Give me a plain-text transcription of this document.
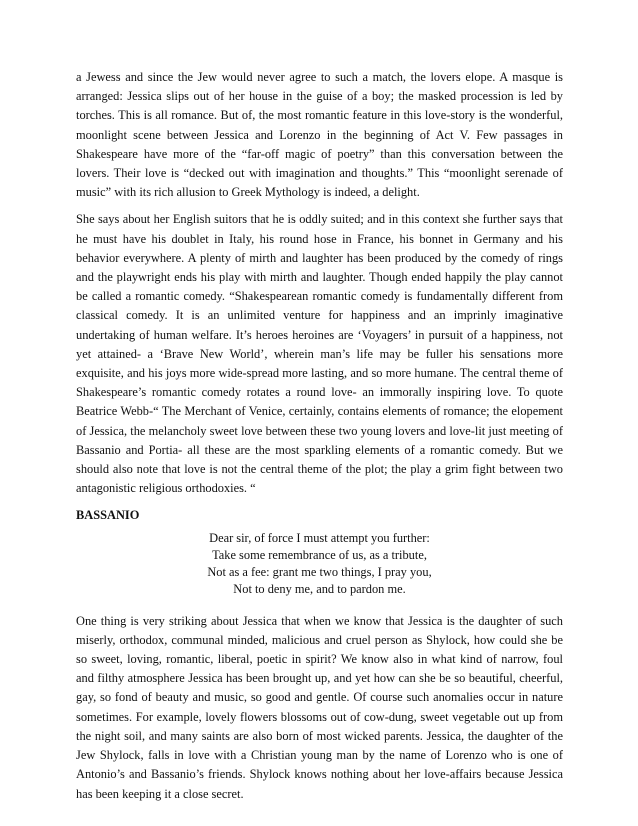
a Jewess and since the Jew would never agree to such a match, the lovers elope. A masque is arranged: Jessica slips out of her house in the guise of a boy; the masked procession is led by torches. This is all romance. But of, the most romantic feature in this love-story is the wonderful, moonlight scene between Jessica and Lorenzo in the beginning of Act V. Few passages in Shakespeare have more of the “far-off magic of poetry” than this conversation between the lovers. Their love is “decked out with imagination and thoughts.” This “moonlight serenade of music” with its rich allusion to Greek Mythology is indeed, a delight.

She says about her English suitors that he is oddly suited; and in this context she further says that he must have his doublet in Italy, his round hose in France, his bonnet in Germany and his behavior everywhere. A plenty of mirth and laughter has been produced by the comedy of rings and the playwright ends his play with mirth and laughter. Though ended happily the play cannot be called a romantic comedy. “Shakespearean romantic comedy is fundamentally different from classical comedy. It is an unlimited venture for happiness and an imprinly imaginative undertaking of human welfare. It’s heroes heroines are ‘Voyagers’ in pursuit of a happiness, not yet attained- a ‘Brave New World’, wherein man’s life may be fuller his sensations more exquisite, and his joys more wide-spread more lasting, and so more humane. The central theme of Shakespeare’s romantic comedy rotates a round love- an immorally inspiring love. To quote Beatrice Webb-“ The Merchant of Venice, certainly, contains elements of romance; the elopement of Jessica, the melancholy sweet love between these two young lovers and love-lit just meeting of Bassanio and Portia- all these are the most sparkling elements of a romantic comedy. But we should also note that love is not the central theme of the plot; the play a grim fight between two antagonistic religious orthodoxies. “

BASSANIO
Dear sir, of force I must attempt you further:
Take some remembrance of us, as a tribute,
Not as a fee: grant me two things, I pray you,
Not to deny me, and to pardon me.

One thing is very striking about Jessica that when we know that Jessica is the daughter of such miserly, orthodox, communal minded, malicious and cruel person as Shylock, how could she be so sweet, loving, romantic, liberal, poetic in spirit? We know also in what kind of narrow, foul and filthy atmosphere Jessica has been brought up, and yet how can she be so beautiful, cheerful, gay, so fond of beauty and music, so good and gentle. Of course such anomalies occur in nature sometimes. For example, lovely flowers blossoms out of cow-dung, sweet vegetable out up from the night soil, and many saints are also born of most wicked parents. Jessica, the daughter of the Jew Shylock, falls in love with a Christian young man by the name of Lorenzo who is one of Antonio’s and Bassanio’s friends. Shylock knows nothing about her love-affairs because Jessica has been keeping it a close secret.
